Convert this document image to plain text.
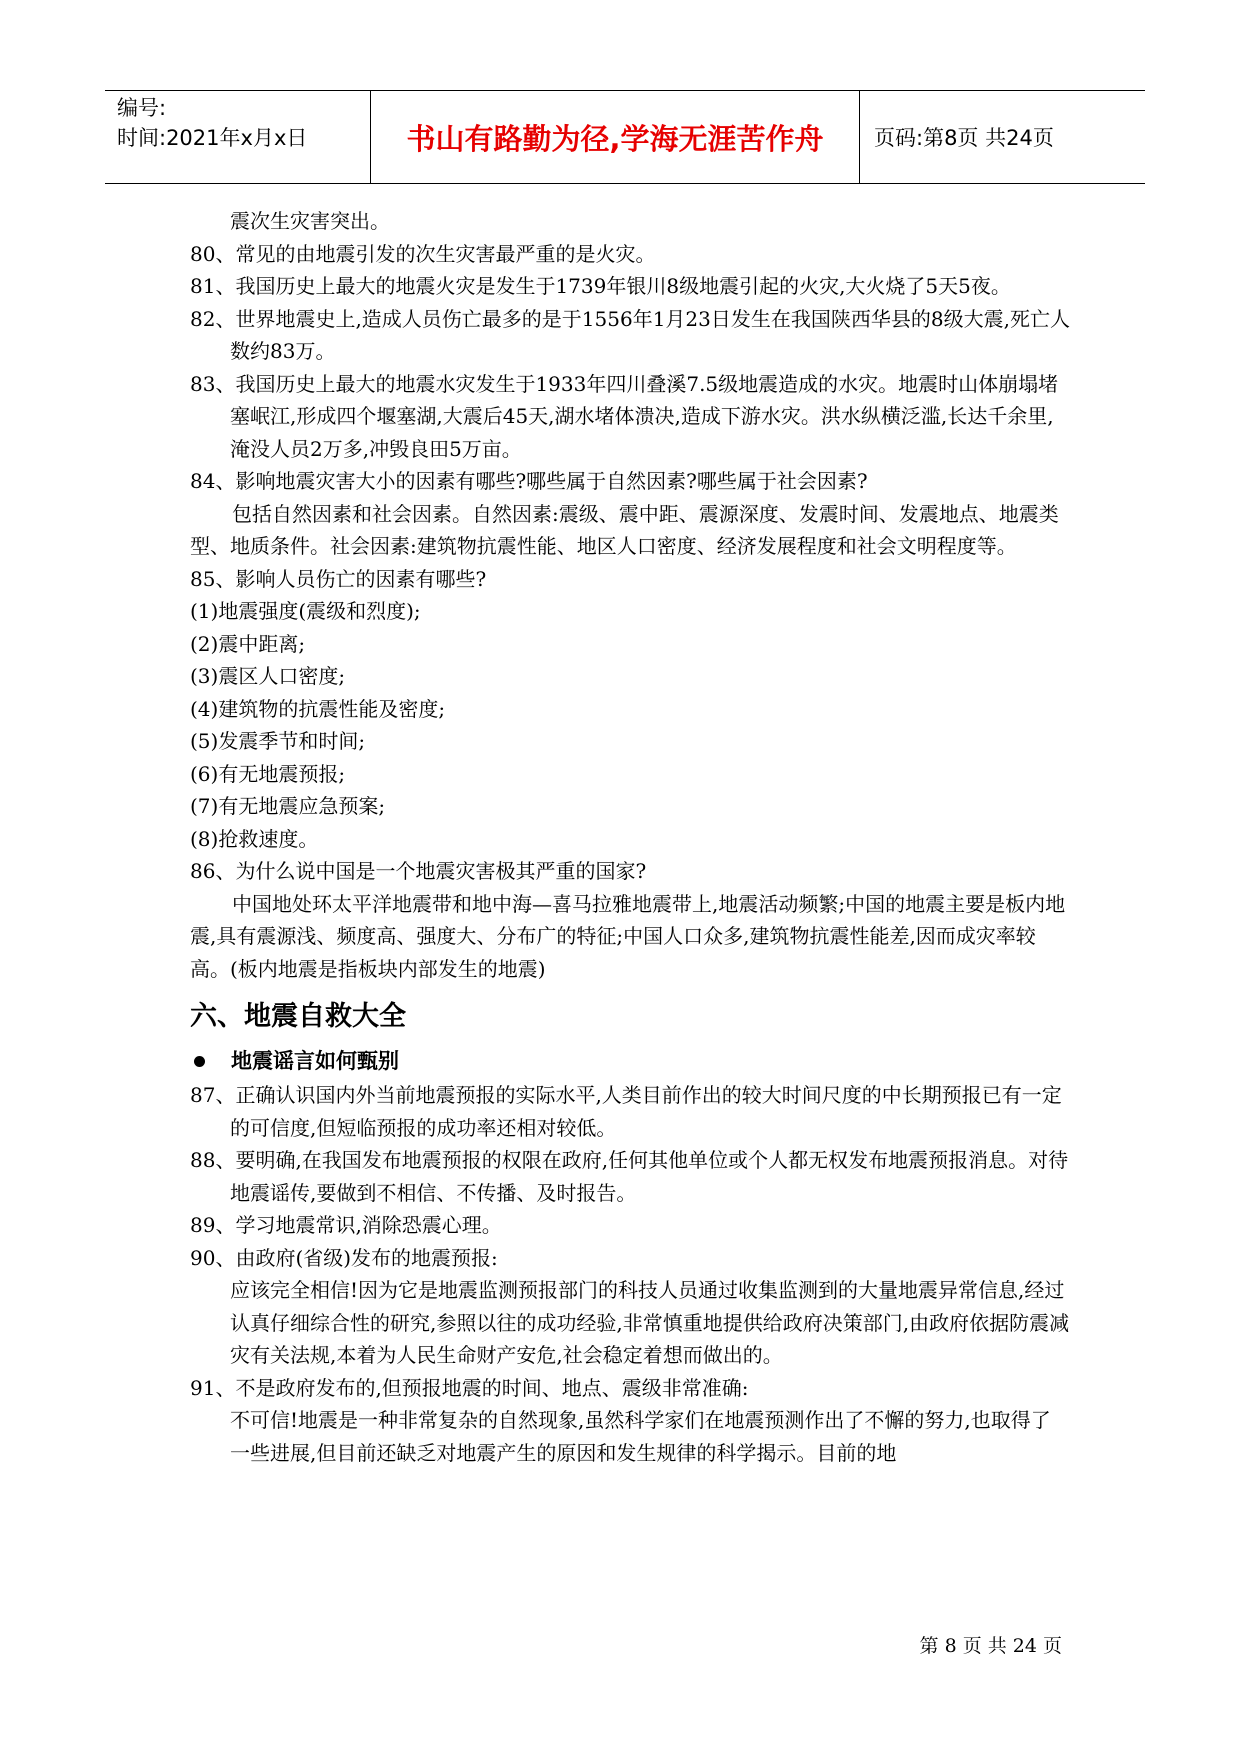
编号:
时间:2021年x月x日	书山有路勤为径,学海无涯苦作舟	页码:第8页 共24页

震次生灾害突出。

80、常见的由地震引发的次生灾害最严重的是火灾。

81、我国历史上最大的地震火灾是发生于1739年银川8级地震引起的火灾,大火烧了5天5夜。

82、世界地震史上,造成人员伤亡最多的是于1556年1月23日发生在我国陕西华县的8级大震,死亡人数约83万。

83、我国历史上最大的地震水灾发生于1933年四川叠溪7.5级地震造成的水灾。地震时山体崩塌堵塞岷江,形成四个堰塞湖,大震后45天,湖水堵体溃决,造成下游水灾。洪水纵横泛滥,长达千余里,淹没人员2万多,冲毁良田5万亩。

84、影响地震灾害大小的因素有哪些?哪些属于自然因素?哪些属于社会因素?

包括自然因素和社会因素。自然因素:震级、震中距、震源深度、发震时间、发震地点、地震类型、地质条件。社会因素:建筑物抗震性能、地区人口密度、经济发展程度和社会文明程度等。

85、影响人员伤亡的因素有哪些?

(1)地震强度(震级和烈度);

(2)震中距离;

(3)震区人口密度;

(4)建筑物的抗震性能及密度;

(5)发震季节和时间;

(6)有无地震预报;

(7)有无地震应急预案;

(8)抢救速度。

86、为什么说中国是一个地震灾害极其严重的国家?

中国地处环太平洋地震带和地中海—喜马拉雅地震带上,地震活动频繁;中国的地震主要是板内地震,具有震源浅、频度高、强度大、分布广的特征;中国人口众多,建筑物抗震性能差,因而成灾率较高。(板内地震是指板块内部发生的地震)

六、地震自救大全
地震谣言如何甄别

87、正确认识国内外当前地震预报的实际水平,人类目前作出的较大时间尺度的中长期预报已有一定的可信度,但短临预报的成功率还相对较低。

88、要明确,在我国发布地震预报的权限在政府,任何其他单位或个人都无权发布地震预报消息。对待地震谣传,要做到不相信、不传播、及时报告。

89、学习地震常识,消除恐震心理。

90、由政府(省级)发布的地震预报:

应该完全相信!因为它是地震监测预报部门的科技人员通过收集监测到的大量地震异常信息,经过认真仔细综合性的研究,参照以往的成功经验,非常慎重地提供给政府决策部门,由政府依据防震减灾有关法规,本着为人民生命财产安危,社会稳定着想而做出的。

91、不是政府发布的,但预报地震的时间、地点、震级非常准确:

不可信!地震是一种非常复杂的自然现象,虽然科学家们在地震预测作出了不懈的努力,也取得了一些进展,但目前还缺乏对地震产生的原因和发生规律的科学揭示。目前的地

第 8 页 共 24 页
